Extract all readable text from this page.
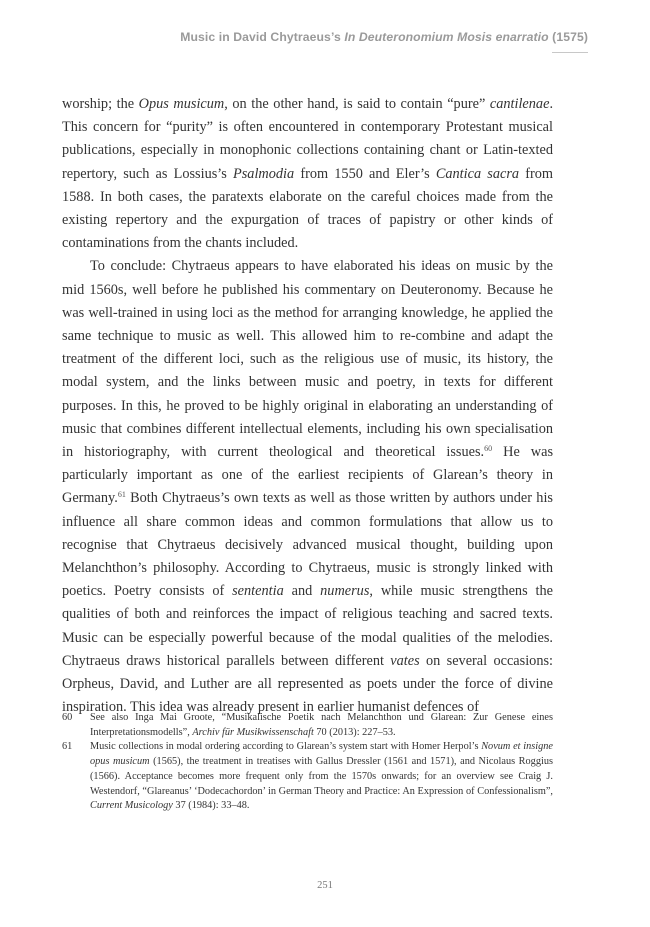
Music in David Chytraeus’s In Deuteronomium Mosis enarratio (1575)

worship; the Opus musicum, on the other hand, is said to contain “pure” cantilenae. This concern for “purity” is often encountered in contemporary Protestant musical publications, especially in monophonic collections containing chant or Latin-texted repertory, such as Lossius’s Psalmodia from 1550 and Eler’s Cantica sacra from 1588. In both cases, the paratexts elaborate on the careful choices made from the existing repertory and the expurgation of traces of papistry or other kinds of contaminations from the chants included.

To conclude: Chytraeus appears to have elaborated his ideas on music by the mid 1560s, well before he published his commentary on Deuteronomy. Because he was well-trained in using loci as the method for arranging knowledge, he applied the same technique to music as well. This allowed him to re-combine and adapt the treatment of the different loci, such as the religious use of music, its history, the modal system, and the links between music and poetry, in texts for different purposes. In this, he proved to be highly original in elaborating an understanding of music that combines different intellectual elements, including his own specialisation in historiography, with current theological and theoretical issues.$^{60}$ He was particularly important as one of the earliest recipients of Glarean’s theory in Germany.$^{61}$ Both Chytraeus’s own texts as well as those written by authors under his influence all share common ideas and common formulations that allow us to recognise that Chytraeus decisively advanced musical thought, building upon Melanchthon’s philosophy. According to Chytraeus, music is strongly linked with poetics. Poetry consists of sententia and numerus, while music strengthens the qualities of both and reinforces the impact of religious teaching and sacred texts. Music can be especially powerful because of the modal qualities of the melodies. Chytraeus draws historical parallels between different vates on several occasions: Orpheus, David, and Luther are all represented as poets under the force of divine inspiration. This idea was already present in earlier humanist defences of

60	See also Inga Mai Groote, “Musikalische Poetik nach Melanchthon und Glarean: Zur Genese eines Interpretationsmodells”, Archiv für Musikwissenschaft 70 (2013): 227–53.
61	Music collections in modal ordering according to Glarean’s system start with Homer Herpol’s Novum et insigne opus musicum (1565), the treatment in treatises with Gallus Dressler (1561 and 1571), and Nicolaus Roggius (1566). Acceptance becomes more frequent only from the 1570s onwards; for an overview see Craig J. Westendorf, “Glareanus’ ‘Dodecachordon’ in German Theory and Practice: An Expression of Confessionalism”, Current Musicology 37 (1984): 33–48.
251
